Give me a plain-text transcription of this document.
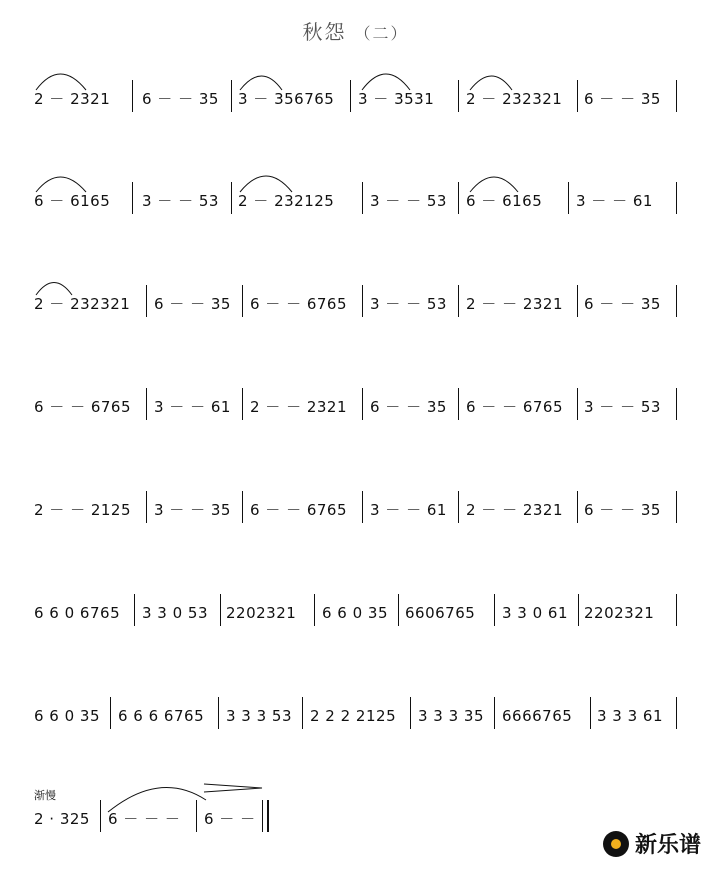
秋怨 （二）
2 － 2321 6 － － 35 3 － 356765 3 － 3531 2 － 232321 6 － － 35
6 － 6165 3 － － 53 2 － 232125 3 － － 53 6 － 6165 3 － － 61
2 － 232321 6 － － 35 6 － － 6765 3 － － 53 2 － － 2321 6 － － 35
6 － － 6765 3 － － 61 2 － － 2321 6 － － 35 6 － － 6765 3 － － 53
2 － － 2125 3 － － 35 6 － － 6765 3 － － 61 2 － － 2321 6 － － 35
6 6 0 6765 3 3 0 53 2202321 6 6 0 35 6606765 3 3 0 61 2202321
6 6 0 35 6 6 6 6765 3 3 3 53 2 2 2 2125 3 3 3 35 6666765 3 3 3 61
渐慢
2 · 325 6 － － － 6 － －
新乐谱
